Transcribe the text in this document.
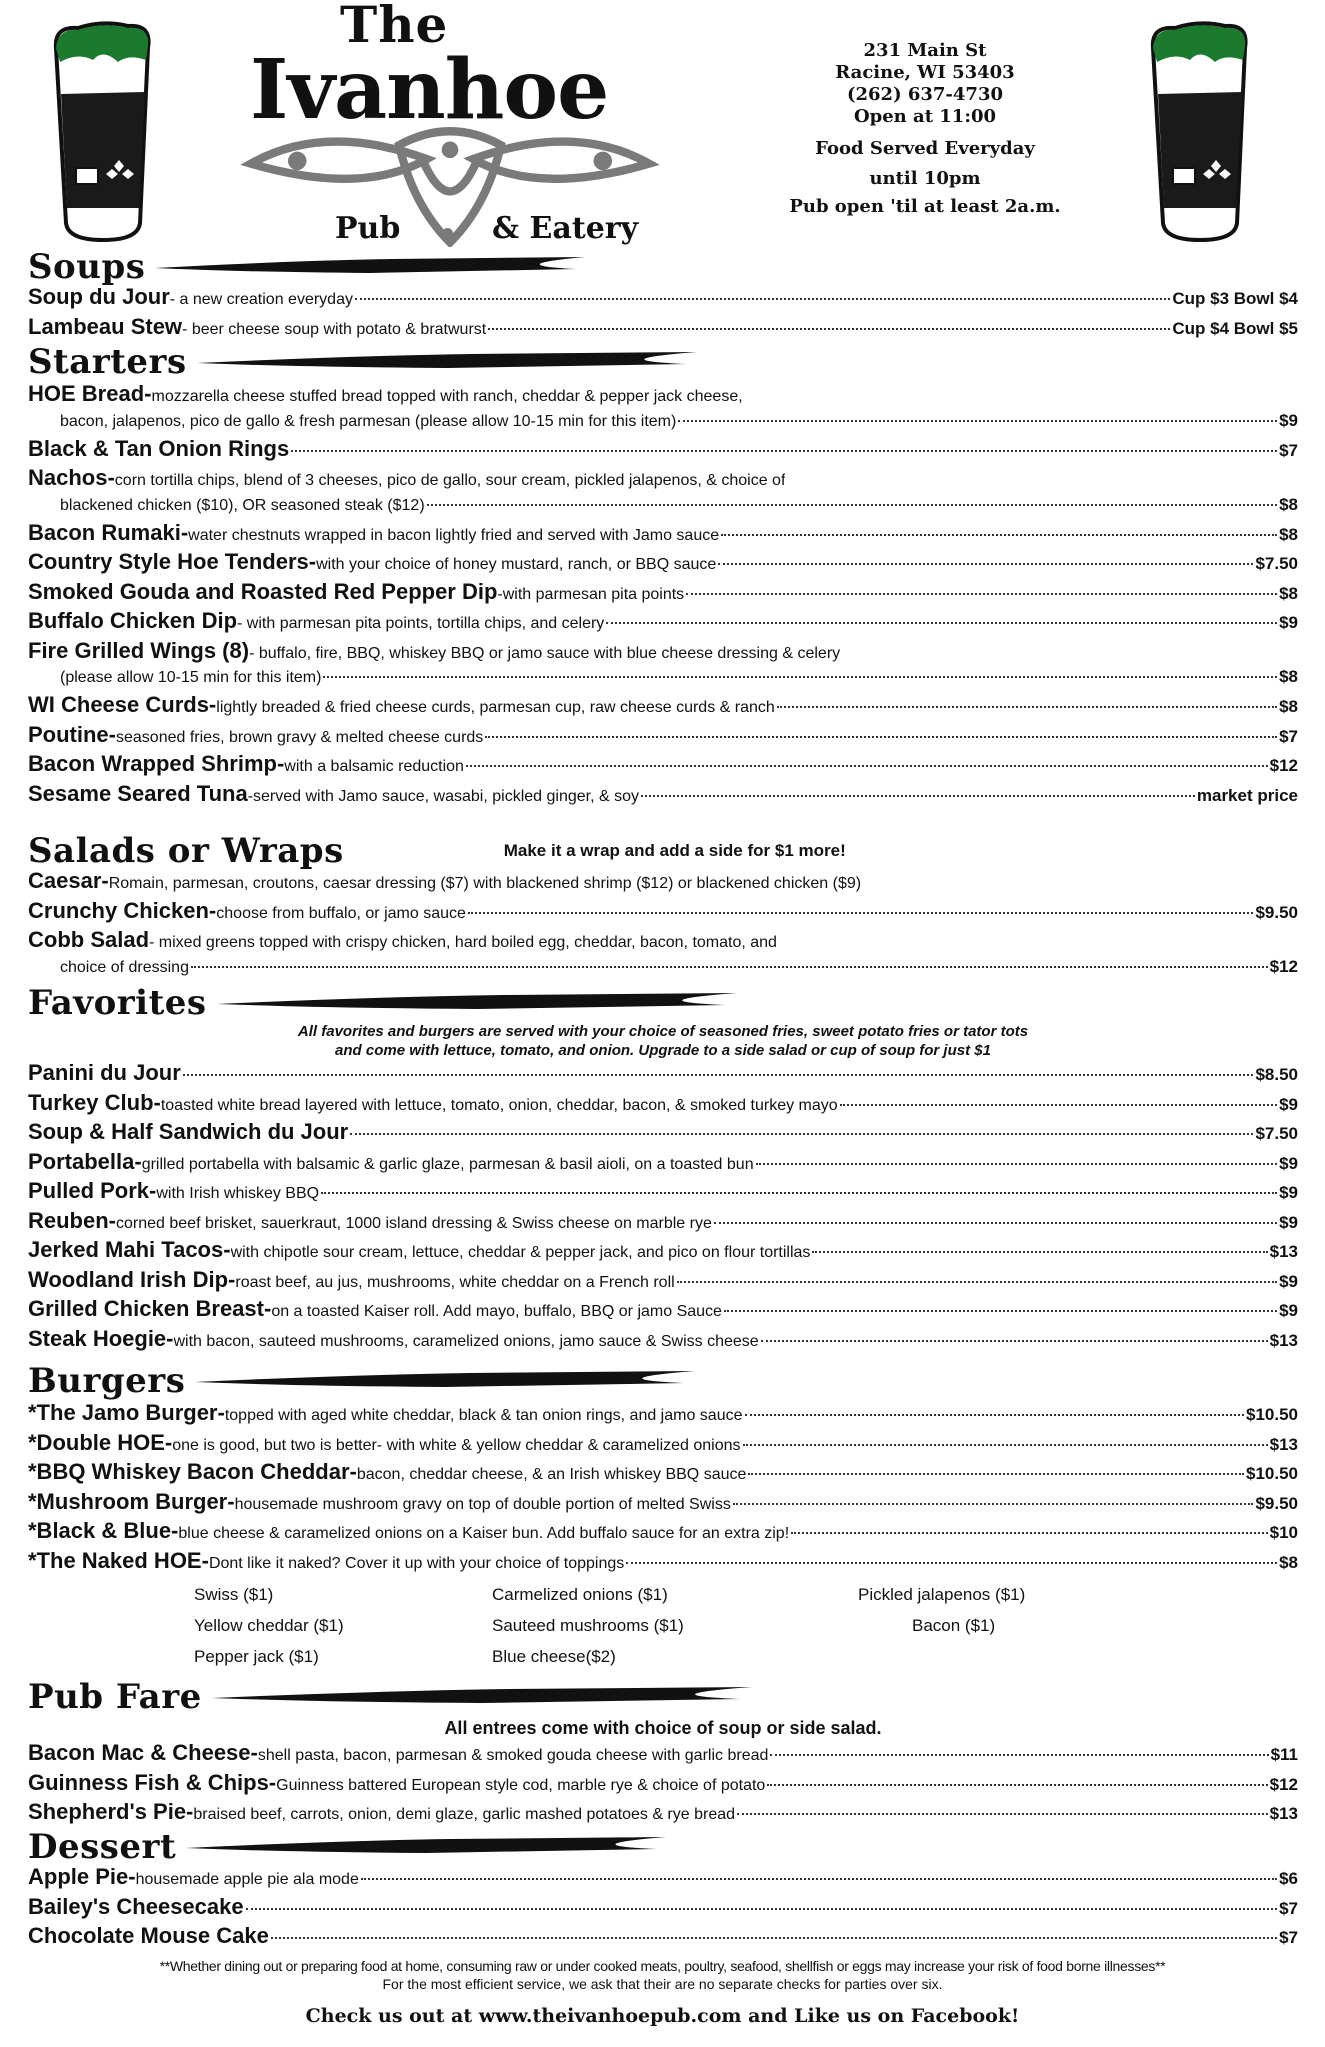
The
Ivanhoe
Pub	& Eatery
231 Main St
Racine, WI 53403
(262) 637-4730
Open at 11:00
Food Served Everyday
until 10pm
Pub open 'til at least 2a.m.
Soups
Soup du Jour - a new creation everyday	Cup $3 Bowl $4
Lambeau Stew - beer cheese soup with potato & bratwurst	Cup $4 Bowl $5
Starters
HOE Bread- mozzarella cheese stuffed bread topped with ranch, cheddar & pepper jack cheese,
bacon, jalapenos, pico de gallo & fresh parmesan (please allow 10-15 min for this item)	$9
Black & Tan Onion Rings	$7
Nachos- corn tortilla chips, blend of 3 cheeses, pico de gallo, sour cream, pickled jalapenos, & choice of
blackened chicken ($10), OR seasoned steak ($12)	$8
Bacon Rumaki- water chestnuts wrapped in bacon lightly fried and served with Jamo sauce	$8
Country Style Hoe Tenders- with your choice of honey mustard, ranch, or BBQ sauce	$7.50
Smoked Gouda and Roasted Red Pepper Dip -with parmesan pita points	$8
Buffalo Chicken Dip - with parmesan pita points, tortilla chips, and celery	$9
Fire Grilled Wings (8) - buffalo, fire, BBQ, whiskey BBQ or jamo sauce with blue cheese dressing & celery
(please allow 10-15 min for this item)	$8
WI Cheese Curds- lightly breaded & fried cheese curds, parmesan cup, raw cheese curds & ranch	$8
Poutine- seasoned fries, brown gravy & melted cheese curds	$7
Bacon Wrapped Shrimp- with a balsamic reduction	$12
Sesame Seared Tuna -served with Jamo sauce, wasabi, pickled ginger, & soy	market price
Salads or Wraps	Make it a wrap and add a side for $1 more!
Caesar- Romain, parmesan, croutons, caesar dressing ($7) with blackened shrimp ($12) or blackened chicken ($9)
Crunchy Chicken- choose from buffalo, or jamo sauce	$9.50
Cobb Salad - mixed greens topped with crispy chicken, hard boiled egg, cheddar, bacon, tomato, and
choice of dressing	$12
Favorites
All favorites and burgers are served with your choice of seasoned fries, sweet potato fries or tator tots
and come with lettuce, tomato, and onion. Upgrade to a side salad or cup of soup for just $1
Panini du Jour	$8.50
Turkey Club- toasted white bread layered with lettuce, tomato, onion, cheddar, bacon, & smoked turkey mayo	$9
Soup & Half Sandwich du Jour	$7.50
Portabella- grilled portabella with balsamic & garlic glaze, parmesan & basil aioli, on a toasted bun	$9
Pulled Pork- with Irish whiskey BBQ	$9
Reuben- corned beef brisket, sauerkraut, 1000 island dressing & Swiss cheese on marble rye	$9
Jerked Mahi Tacos- with chipotle sour cream, lettuce, cheddar & pepper jack, and pico on flour tortillas	$13
Woodland Irish Dip- roast beef, au jus, mushrooms, white cheddar on a French roll	$9
Grilled Chicken Breast- on a toasted Kaiser roll. Add mayo, buffalo, BBQ or jamo Sauce	$9
Steak Hoegie- with bacon, sauteed mushrooms, caramelized onions, jamo sauce & Swiss cheese	$13
Burgers
*The Jamo Burger- topped with aged white cheddar, black & tan onion rings, and jamo sauce	$10.50
*Double HOE- one is good, but two is better- with white & yellow cheddar & caramelized onions	$13
*BBQ Whiskey Bacon Cheddar- bacon, cheddar cheese, & an Irish whiskey BBQ sauce	$10.50
*Mushroom Burger- housemade mushroom gravy on top of double portion of melted Swiss	$9.50
*Black & Blue- blue cheese & caramelized onions on a Kaiser bun. Add buffalo sauce for an extra zip!	$10
*The Naked HOE- Dont like it naked? Cover it up with your choice of toppings	$8
Swiss ($1)	Carmelized onions ($1)	Pickled jalapenos ($1)
Yellow cheddar ($1)	Sauteed mushrooms ($1)	Bacon ($1)
Pepper jack ($1)	Blue cheese($2)
Pub Fare
All entrees come with choice of soup or side salad.
Bacon Mac & Cheese- shell pasta, bacon, parmesan & smoked gouda cheese with garlic bread	$11
Guinness Fish & Chips- Guinness battered European style cod, marble rye & choice of potato	$12
Shepherd's Pie- braised beef, carrots, onion, demi glaze, garlic mashed potatoes & rye bread	$13
Dessert
Apple Pie- housemade apple pie ala mode	$6
Bailey's Cheesecake	$7
Chocolate Mouse Cake	$7
**Whether dining out or preparing food at home, consuming raw or under cooked meats, poultry, seafood, shellfish or eggs may increase your risk of food borne illnesses**
For the most efficient service, we ask that their are no separate checks for parties over six.
Check us out at www.theivanhoepub.com and Like us on Facebook!
